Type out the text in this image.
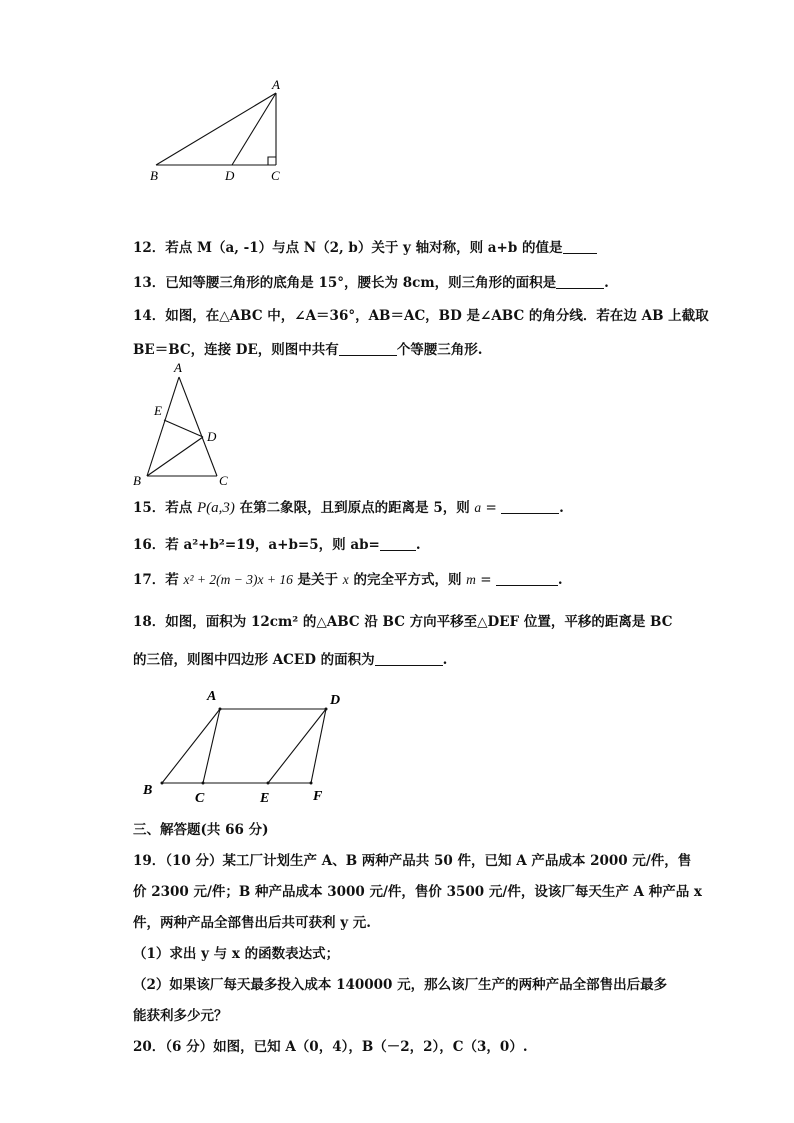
A
B	D	C
12．若点 M（a, -1）与点 N（2, b）关于 y 轴对称，则 a+b 的值是
13．已知等腰三角形的底角是 15°，腰长为 8cm，则三角形的面积是	.
14．如图，在△ABC 中，∠A＝36°，AB＝AC，BD 是∠ABC 的角分线．若在边 AB 上截取
BE＝BC，连接 DE，则图中共有	个等腰三角形.
A
E
D
B	C
15．若点 P(a,3) 在第二象限，且到原点的距离是 5，则 a =	.
16．若 a²+b²=19，a+b=5，则 ab=	.
17．若 x² + 2(m − 3)x + 16 是关于 x 的完全平方式，则 m =	.
18．如图，面积为 12cm² 的△ABC 沿 BC 方向平移至△DEF 位置，平移的距离是 BC
的三倍，则图中四边形 ACED 的面积为	.
A	D
B
C	E	F
三、解答题(共 66 分)
19．（10 分）某工厂计划生产 A、B 两种产品共 50 件，已知 A 产品成本 2000 元/件，售
价 2300 元/件；B 种产品成本 3000 元/件，售价 3500 元/件，设该厂每天生产 A 种产品 x
件，两种产品全部售出后共可获利 y 元.
（1）求出 y 与 x 的函数表达式；
（2）如果该厂每天最多投入成本 140000 元，那么该厂生产的两种产品全部售出后最多
能获利多少元？
20．（6 分）如图，已知 A（0，4），B（－2，2），C（3，0）.
